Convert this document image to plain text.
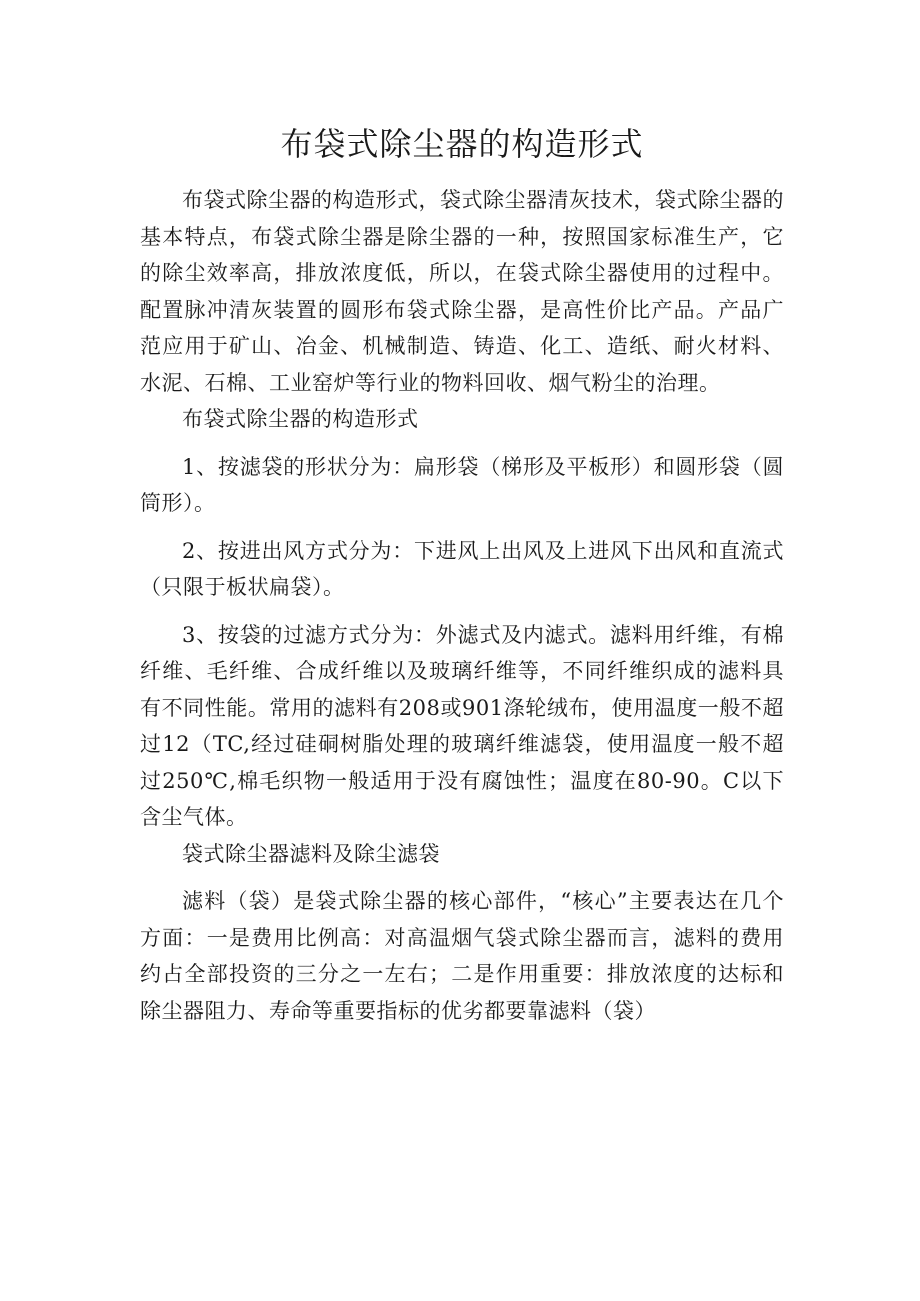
布袋式除尘器的构造形式

布袋式除尘器的构造形式，袋式除尘器清灰技术，袋式除尘器的基本特点，布袋式除尘器是除尘器的一种，按照国家标准生产，它的除尘效率高，排放浓度低，所以，在袋式除尘器使用的过程中。配置脉冲清灰装置的圆形布袋式除尘器，是高性价比产品。产品广范应用于矿山、冶金、机械制造、铸造、化工、造纸、耐火材料、水泥、石棉、工业窑炉等行业的物料回收、烟气粉尘的治理。

布袋式除尘器的构造形式

1、按滤袋的形状分为：扁形袋（梯形及平板形）和圆形袋（圆筒形）。

2、按进出风方式分为：下进风上出风及上进风下出风和直流式（只限于板状扁袋）。

3、按袋的过滤方式分为：外滤式及内滤式。滤料用纤维，有棉纤维、毛纤维、合成纤维以及玻璃纤维等，不同纤维织成的滤料具有不同性能。常用的滤料有208或901涤轮绒布，使用温度一般不超过12（TC,经过硅硐树脂处理的玻璃纤维滤袋，使用温度一般不超过250℃,棉毛织物一般适用于没有腐蚀性；温度在80-90。C以下含尘气体。

袋式除尘器滤料及除尘滤袋

滤料（袋）是袋式除尘器的核心部件，“核心”主要表达在几个方面：一是费用比例高：对高温烟气袋式除尘器而言，滤料的费用约占全部投资的三分之一左右；二是作用重要：排放浓度的达标和除尘器阻力、寿命等重要指标的优劣都要靠滤料（袋）
